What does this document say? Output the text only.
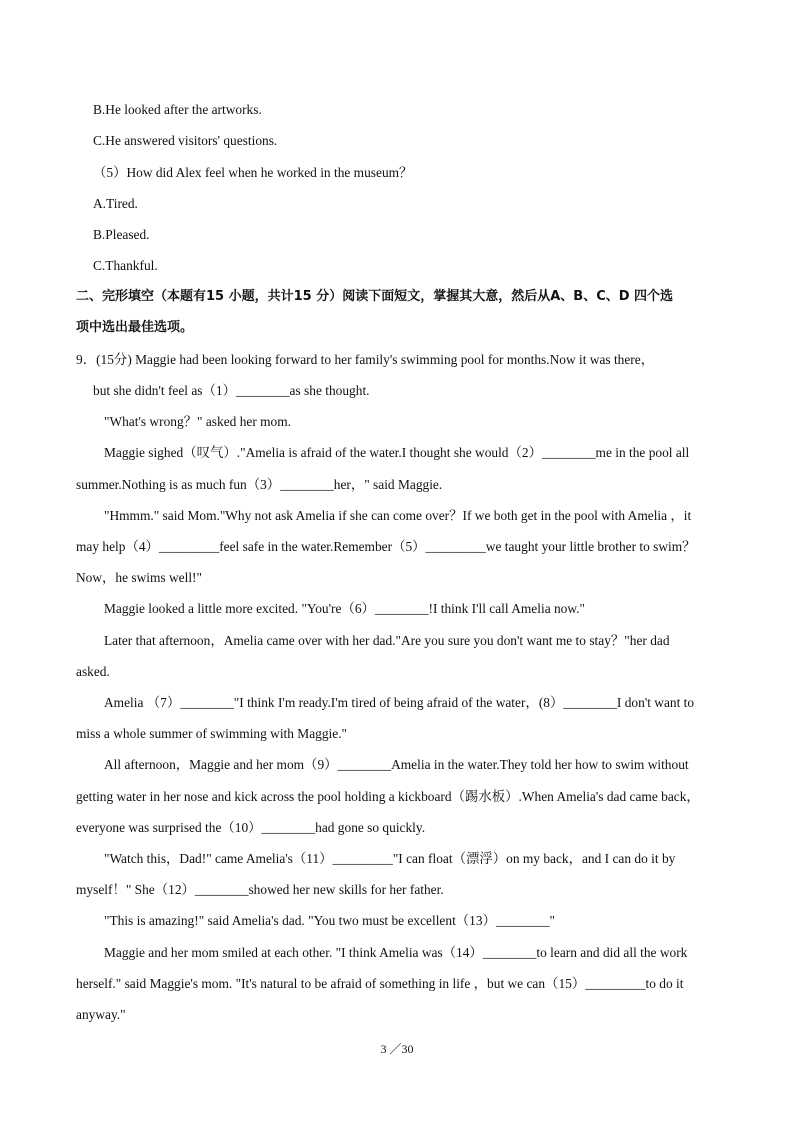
B.He looked after the artworks.
C.He answered visitors' questions.
（5）How did Alex feel when he worked in the museum？
A.Tired.
B.Pleased.
C.Thankful.
二、完形填空（本题有15 小题，共计15 分）阅读下面短文，掌握其大意，然后从A、B、C、D 四个选
项中选出最佳选项。
9．(15分) Maggie had been looking forward to her family's swimming pool for months.Now it was there，
but she didn't feel as（1）________as she thought.
"What's wrong？" asked her mom.
Maggie sighed（叹气）."Amelia is afraid of the water.I thought she would（2）________me in the pool all
summer.Nothing is as much fun（3）________her，" said Maggie.
"Hmmm." said Mom."Why not ask Amelia if she can come over？If we both get in the pool with Amelia ，it
may help（4）_________feel safe in the water.Remember（5）_________we taught your little brother to swim？
Now，he swims well!"
Maggie looked a little more excited. "You're（6）________!I think I'll call Amelia now."
Later that afternoon，Amelia came over with her dad."Are you sure you don't want me to stay？"her dad
asked.
Amelia （7）________"I think I'm ready.I'm tired of being afraid of the water，(8）________I don't want to
miss a whole summer of swimming with Maggie."
All afternoon，Maggie and her mom（9）________Amelia in the water.They told her how to swim without
getting water in her nose and kick across the pool holding a kickboard（踢水板）.When Amelia's dad came back，
everyone was surprised the（10）________had gone so quickly.
"Watch this，Dad!" came Amelia's（11）_________"I can float（漂浮）on my back，and I can do it by
myself！" She（12）________showed her new skills for her father.
"This is amazing!" said Amelia's dad. "You two must be excellent（13）________"
Maggie and her mom smiled at each other. "I think Amelia was（14）________to learn and did all the work
herself." said Maggie's mom. "It's natural to be afraid of something in life ，but we can（15）_________to do it
anyway."
3 ／30
